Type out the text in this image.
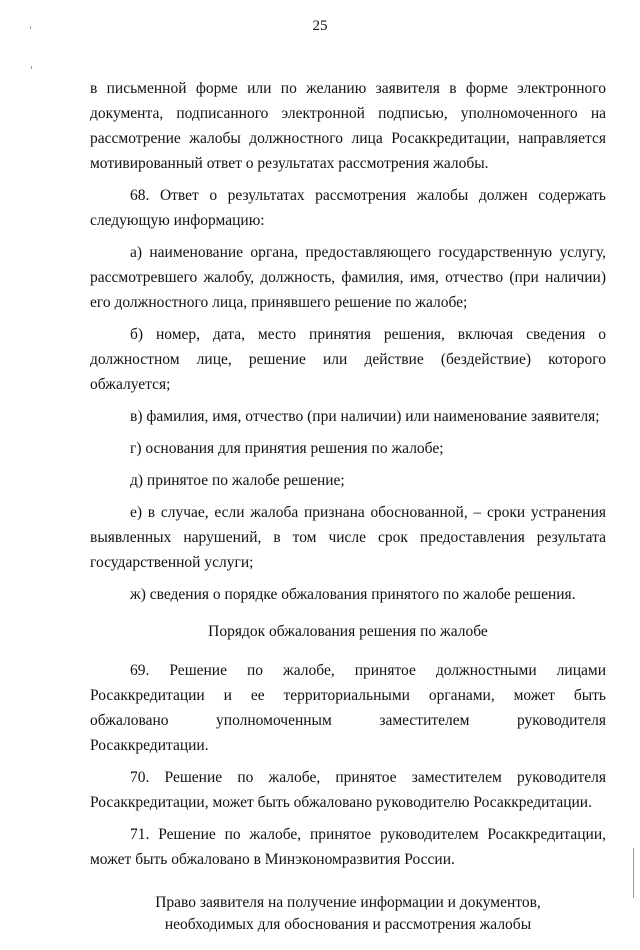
25

в письменной форме или по желанию заявителя в форме электронного документа, подписанного электронной подписью, уполномоченного на рассмотрение жалобы должностного лица Росаккредитации, направляется мотивированный ответ о результатах рассмотрения жалобы.

68. Ответ о результатах рассмотрения жалобы должен содержать следующую информацию:

а) наименование органа, предоставляющего государственную услугу, рассмотревшего жалобу, должность, фамилия, имя, отчество (при наличии) его должностного лица, принявшего решение по жалобе;

б) номер, дата, место принятия решения, включая сведения о должностном лице, решение или действие (бездействие) которого обжалуется;

в) фамилия, имя, отчество (при наличии) или наименование заявителя;

г) основания для принятия решения по жалобе;

д) принятое по жалобе решение;

е) в случае, если жалоба признана обоснованной, – сроки устранения выявленных нарушений, в том числе срок предоставления результата государственной услуги;

ж) сведения о порядке обжалования принятого по жалобе решения.

Порядок обжалования решения по жалобе

69. Решение по жалобе, принятое должностными лицами Росаккредитации и ее территориальными органами, может быть обжаловано уполномоченным заместителем руководителя Росаккредитации.

70. Решение по жалобе, принятое заместителем руководителя Росаккредитации, может быть обжаловано руководителю Росаккредитации.

71. Решение по жалобе, принятое руководителем Росаккредитации, может быть обжаловано в Минэкономразвития России.

Право заявителя на получение информации и документов,
необходимых для обоснования и рассмотрения жалобы
